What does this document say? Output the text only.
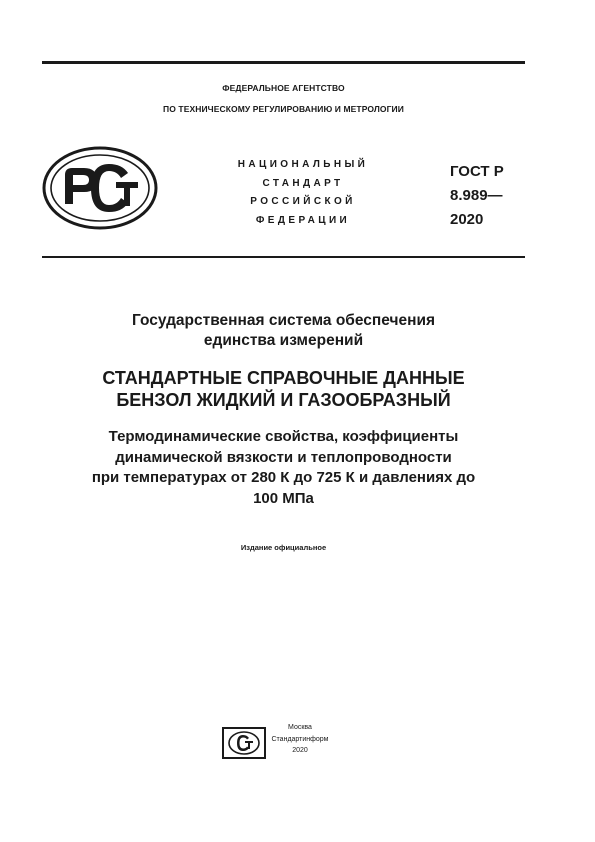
ФЕДЕРАЛЬНОЕ АГЕНТСТВО
ПО ТЕХНИЧЕСКОМУ РЕГУЛИРОВАНИЮ И МЕТРОЛОГИИ
НАЦИОНАЛЬНЫЙ
СТАНДАРТ
РОССИЙСКОЙ
ФЕДЕРАЦИИ
ГОСТ Р
8.989—
2020
Государственная система обеспечения
единства измерений
СТАНДАРТНЫЕ СПРАВОЧНЫЕ ДАННЫЕ
БЕНЗОЛ ЖИДКИЙ И ГАЗООБРАЗНЫЙ
Термодинамические свойства, коэффициенты
динамической вязкости и теплопроводности
при температурах от 280 К до 725 К и давлениях до
100 МПа
Издание официальное
Москва
Стандартинформ
2020
